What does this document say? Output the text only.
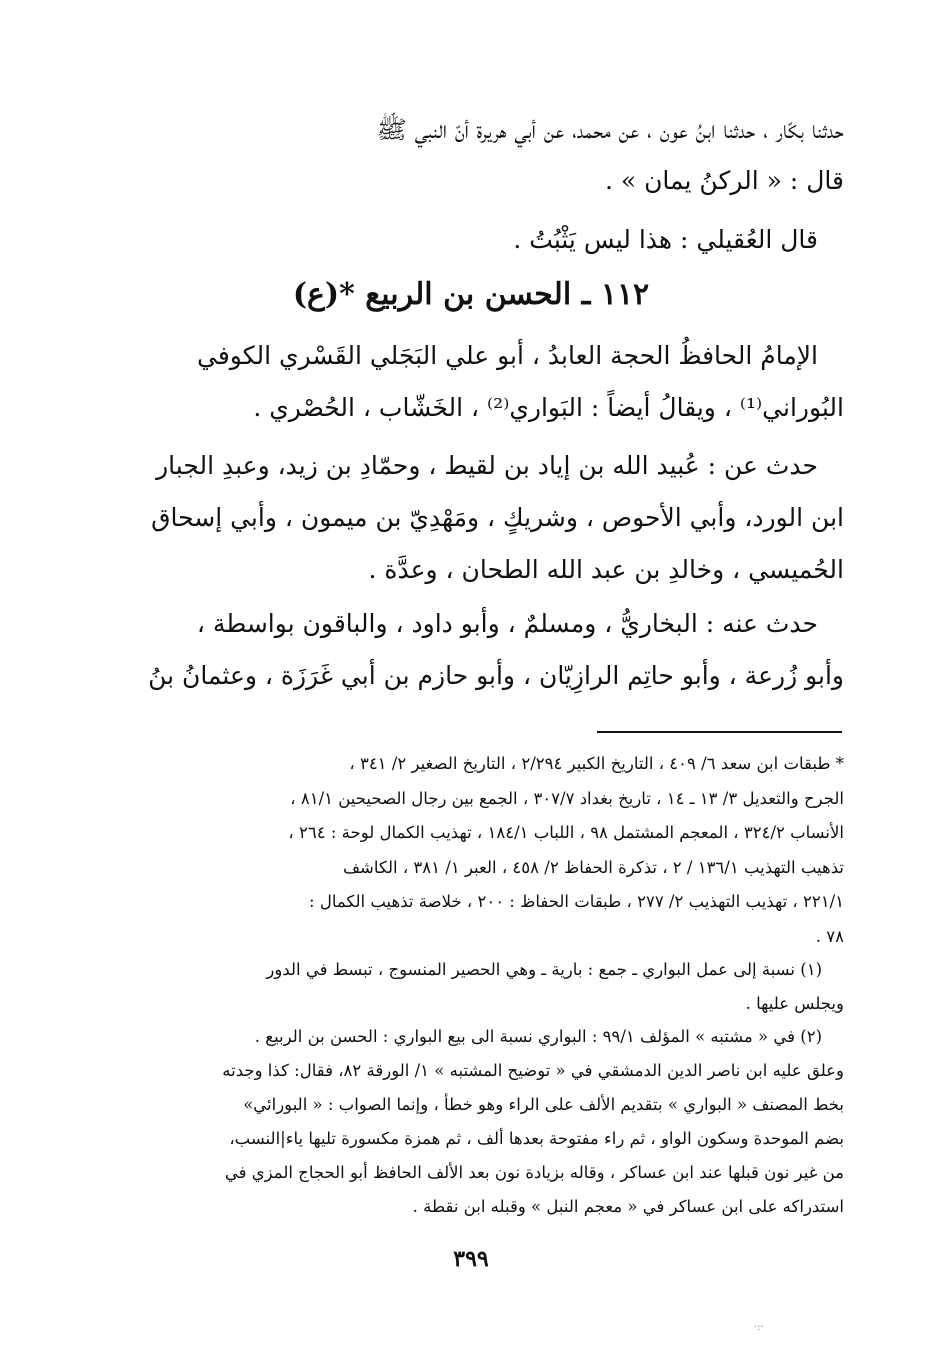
حدثنا بكّار ، حدثنا ابنُ عون ، عن محمد، عن أبي هريرة أنّ النبي ﷺ
قال : « الركنُ يمان » .
قال العُقيلي : هذا ليس يَثْبُتُ .
١١٢ ـ الحسن بن الربيع *(ع)
الإمامُ الحافظُ الحجة العابدُ ، أبو علي البَجَلي القَسْري الكوفي
البُوراني⁽¹⁾ ، ويقالُ أيضاً : البَواري⁽²⁾ ، الخَشّاب ، الحُصْري .
حدث عن : عُبيد الله بن إياد بن لقيط ، وحمّادِ بن زيد، وعبدِ الجبار
ابن الورد، وأبي الأحوص ، وشريكٍ ، ومَهْدِيّ بن ميمون ، وأبي إسحاق
الحُميسي ، وخالدِ بن عبد الله الطحان ، وعدَّة .
حدث عنه : البخاريُّ ، ومسلمٌ ، وأبو داود ، والباقون بواسطة ،
وأبو زُرعة ، وأبو حاتِم الرازِيّان ، وأبو حازم بن أبي غَرَزَة ، وعثمانُ بنُ
* طبقات ابن سعد ٦/ ٤٠٩ ، التاريخ الكبير ٢/٢٩٤ ، التاريخ الصغير ٢/ ٣٤١ ،
الجرح والتعديل ٣/ ١٣ ـ ١٤ ، تاريخ بغداد ٣٠٧/٧ ، الجمع بين رجال الصحيحين ٨١/١ ،
الأنساب ٣٢٤/٢ ، المعجم المشتمل ٩٨ ، اللباب ١٨٤/١ ، تهذيب الكمال لوحة : ٢٦٤ ،
تذهيب التهذيب ١٣٦/١ / ٢ ، تذكرة الحفاظ ٢/ ٤٥٨ ، العبر ١/ ٣٨١ ، الكاشف
٢٢١/١ ، تهذيب التهذيب ٢/ ٢٧٧ ، طبقات الحفاظ : ٢٠٠ ، خلاصة تذهيب الكمال :
٧٨ .
(١) نسبة إلى عمل البواري ـ جمع : بارية ـ وهي الحصير المنسوج ، تبسط في الدور
ويجلس عليها .
(٢) في « مشتبه » المؤلف ٩٩/١ : البواري نسبة الى بيع البواري : الحسن بن الربيع .
وعلق عليه ابن ناصر الدين الدمشقي في « توضيح المشتبه » ١/ الورقة ٨٢، فقال: كذا وجدته
بخط المصنف « البواري » بتقديم الألف على الراء وهو خطأ ، وإنما الصواب : « البورائي»
بضم الموحدة وسكون الواو ، ثم راء مفتوحة بعدها ألف ، ثم همزة مكسورة تليها ياء|النسب،
من غير نون قبلها عند ابن عساكر ، وقاله بزيادة نون بعد الألف الحافظ أبو الحجاج المزي في
استدراكه على ابن عساكر في « معجم النبل » وقبله ابن نقطة .
٣٩٩
·:·
